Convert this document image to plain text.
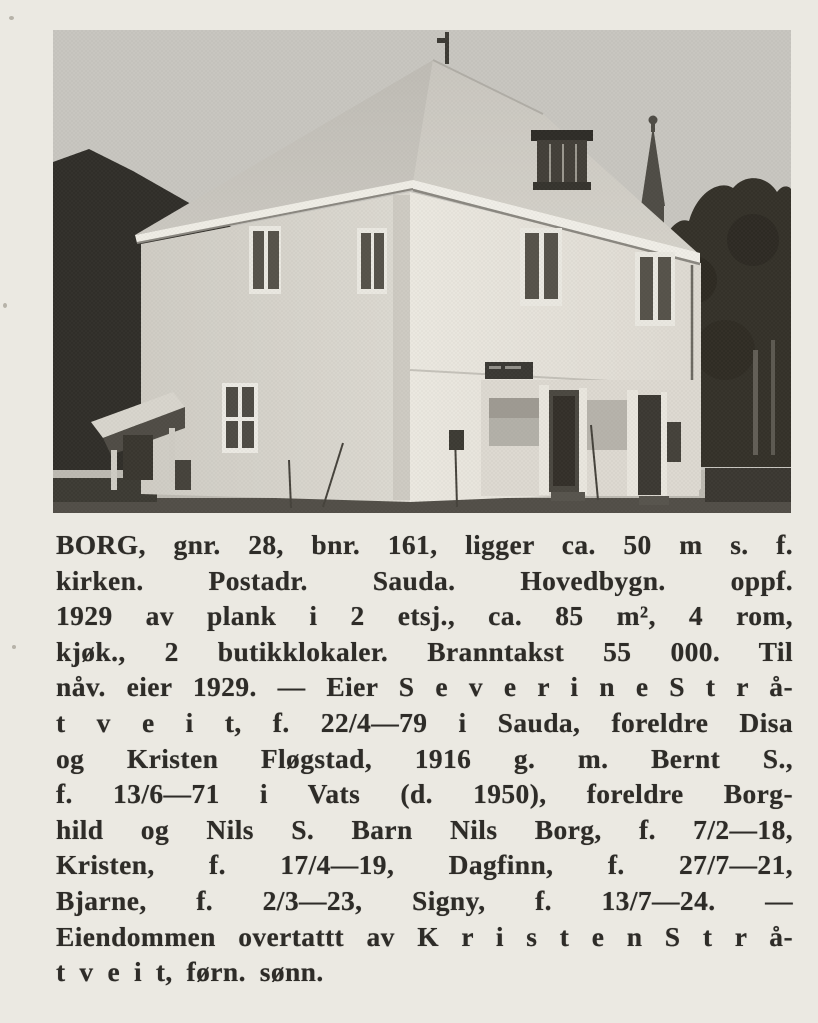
BORG, gnr. 28, bnr. 161, ligger ca. 50 m s. f.
kirken. Postadr. Sauda. Hovedbygn. oppf.
1929 av plank i 2 etsj., ca. 85 m², 4 rom,
kjøk., 2 butikklokaler. Branntakst 55 000. Til
nåv. eier 1929. — Eier S e v e r i n e S t r å-
t v e i t, f. 22/4—79 i Sauda, foreldre Disa
og Kristen Fløgstad, 1916 g. m. Bernt S.,
f. 13/6—71 i Vats (d. 1950), foreldre Borg-
hild og Nils S. Barn Nils Borg, f. 7/2—18,
Kristen, f. 17/4—19, Dagfinn, f. 27/7—21,
Bjarne, f. 2/3—23, Signy, f. 13/7—24. —
Eiendommen overtattt av K r i s t e n S t r å-
t v e i t, førn. sønn.
